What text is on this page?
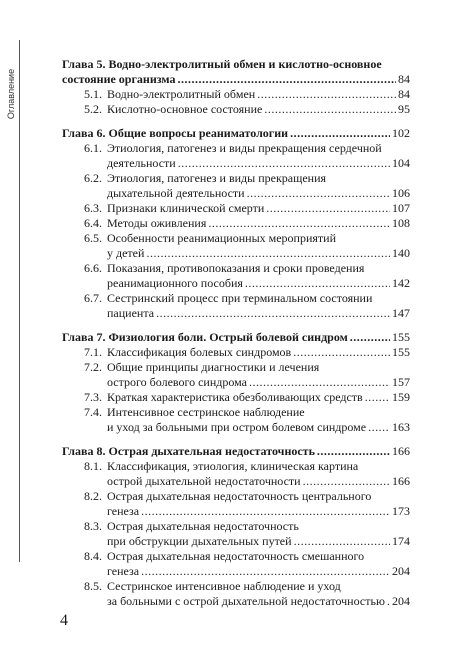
Оглавление
Глава 5. Водно-электролитный обмен и кислотно-основное
состояние организма .....	84
5.1. Водно-электролитный обмен .....	84
5.2. Кислотно-основное состояние .....	95
Глава 6. Общие вопросы реаниматологии .....	102
6.1. Этиология, патогенез и виды прекращения сердечной
деятельности .....	104
6.2. Этиология, патогенез и виды прекращения
дыхательной деятельности .....	106
6.3. Признаки клинической смерти .....	107
6.4. Методы оживления .....	108
6.5. Особенности реанимационных мероприятий
у детей .....	140
6.6. Показания, противопоказания и сроки проведения
реанимационного пособия .....	142
6.7. Сестринский процесс при терминальном состоянии
пациента .....	147
Глава 7. Физиология боли. Острый болевой синдром .....	155
7.1. Классификация болевых синдромов .....	155
7.2. Общие принципы диагностики и лечения
острого болевого синдрома .....	157
7.3. Краткая характеристика обезболивающих средств ..... 159
7.4. Интенсивное сестринское наблюдение
и уход за больными при остром болевом синдроме ..... 163
Глава 8. Острая дыхательная недостаточность .....	166
8.1. Классификация, этиология, клиническая картина
острой дыхательной недостаточности .....	166
8.2. Острая дыхательная недостаточность центрального
генеза .....	173
8.3. Острая дыхательная недостаточность
при обструкции дыхательных путей .....	174
8.4. Острая дыхательная недостаточность смешанного
генеза .....	204
8.5. Сестринское интенсивное наблюдение и уход
за больными с острой дыхательной недостаточностью ..... 204
4
